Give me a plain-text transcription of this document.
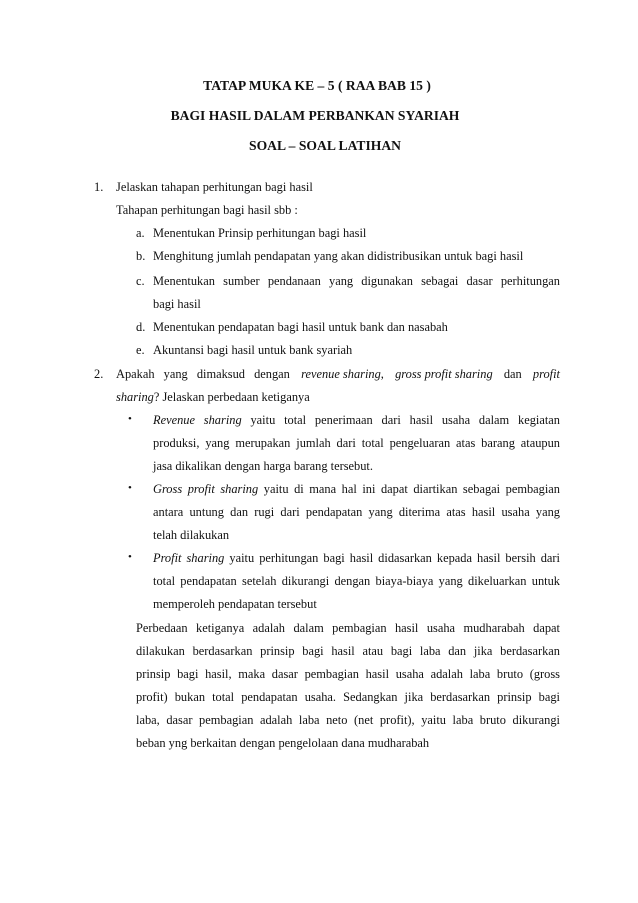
TATAP MUKA KE – 5 ( RAA BAB 15 )
BAGI HASIL DALAM PERBANKAN SYARIAH
SOAL – SOAL LATIHAN
1. Jelaskan tahapan perhitungan bagi hasil
Tahapan perhitungan bagi hasil sbb :
a. Menentukan Prinsip perhitungan bagi hasil
b. Menghitung jumlah pendapatan yang akan didistribusikan untuk bagi hasil
c. Menentukan sumber pendanaan yang digunakan sebagai dasar perhitungan
bagi hasil
d. Menentukan pendapatan bagi hasil untuk bank dan nasabah
e. Akuntansi bagi hasil untuk bank syariah
2. Apakah yang dimaksud dengan revenue sharing, gross profit sharing dan profit
sharing? Jelaskan perbedaan ketiganya
• Revenue sharing yaitu total penerimaan dari hasil usaha dalam kegiatan
produksi, yang merupakan jumlah dari total pengeluaran atas barang ataupun
jasa dikalikan dengan harga barang tersebut.
• Gross profit sharing yaitu di mana hal ini dapat diartikan sebagai pembagian
antara untung dan rugi dari pendapatan yang diterima atas hasil usaha yang
telah dilakukan
• Profit sharing yaitu perhitungan bagi hasil didasarkan kepada hasil bersih dari
total pendapatan setelah dikurangi dengan biaya-biaya yang dikeluarkan untuk
memperoleh pendapatan tersebut
Perbedaan ketiganya adalah dalam pembagian hasil usaha mudharabah dapat
dilakukan berdasarkan prinsip bagi hasil atau bagi laba dan jika berdasarkan
prinsip bagi hasil, maka dasar pembagian hasil usaha adalah laba bruto (gross
profit) bukan total pendapatan usaha. Sedangkan jika berdasarkan prinsip bagi
laba, dasar pembagian adalah laba neto (net profit), yaitu laba bruto dikurangi
beban yng berkaitan dengan pengelolaan dana mudharabah
